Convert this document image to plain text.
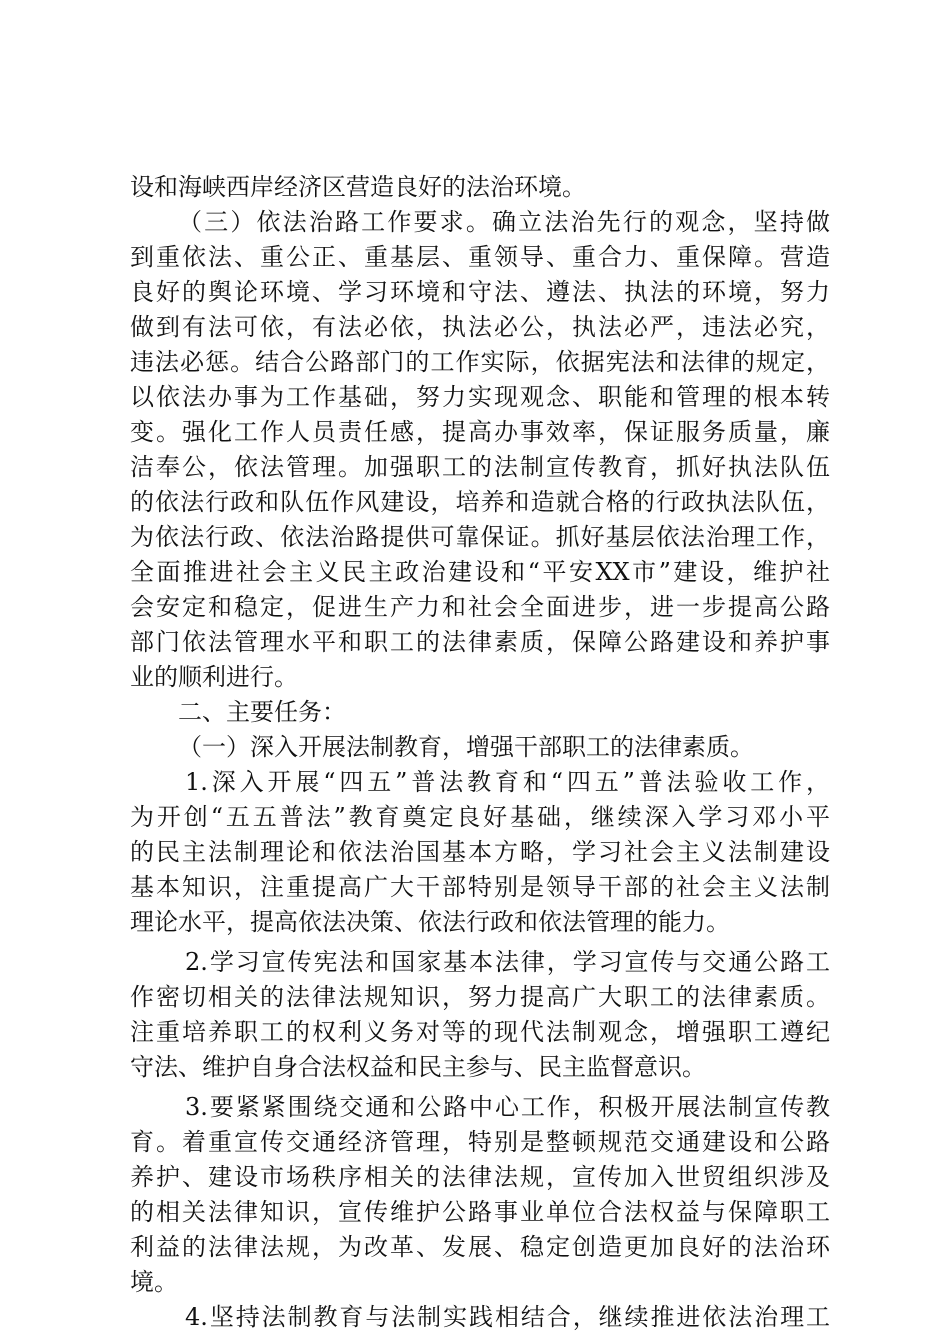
设和海峡西岸经济区营造良好的法治环境。
（三）依法治路工作要求。确立法治先行的观念，坚持做
到重依法、重公正、重基层、重领导、重合力、重保障。营造
良好的舆论环境、学习环境和守法、遵法、执法的环境，努力
做到有法可依，有法必依，执法必公，执法必严，违法必究，
违法必惩。结合公路部门的工作实际，依据宪法和法律的规定，
以依法办事为工作基础，努力实现观念、职能和管理的根本转
变。强化工作人员责任感，提高办事效率，保证服务质量，廉
洁奉公，依法管理。加强职工的法制宣传教育，抓好执法队伍
的依法行政和队伍作风建设，培养和造就合格的行政执法队伍，
为依法行政、依法治路提供可靠保证。抓好基层依法治理工作，
全面推进社会主义民主政治建设和“平安XX市”建设，维护社
会安定和稳定，促进生产力和社会全面进步，进一步提高公路
部门依法管理水平和职工的法律素质，保障公路建设和养护事
业的顺利进行。
二、主要任务：
（一）深入开展法制教育，增强干部职工的法律素质。
1.深入开展“四五”普法教育和“四五”普法验收工作，
为开创“五五普法”教育奠定良好基础，继续深入学习邓小平
的民主法制理论和依法治国基本方略，学习社会主义法制建设
基本知识，注重提高广大干部特别是领导干部的社会主义法制
理论水平，提高依法决策、依法行政和依法管理的能力。
2.学习宣传宪法和国家基本法律，学习宣传与交通公路工
作密切相关的法律法规知识，努力提高广大职工的法律素质。
注重培养职工的权利义务对等的现代法制观念，增强职工遵纪
守法、维护自身合法权益和民主参与、民主监督意识。
3.要紧紧围绕交通和公路中心工作，积极开展法制宣传教
育。着重宣传交通经济管理，特别是整顿规范交通建设和公路
养护、建设市场秩序相关的法律法规，宣传加入世贸组织涉及
的相关法律知识，宣传维护公路事业单位合法权益与保障职工
利益的法律法规，为改革、发展、稳定创造更加良好的法治环
境。
4.坚持法制教育与法制实践相结合，继续推进依法治理工
